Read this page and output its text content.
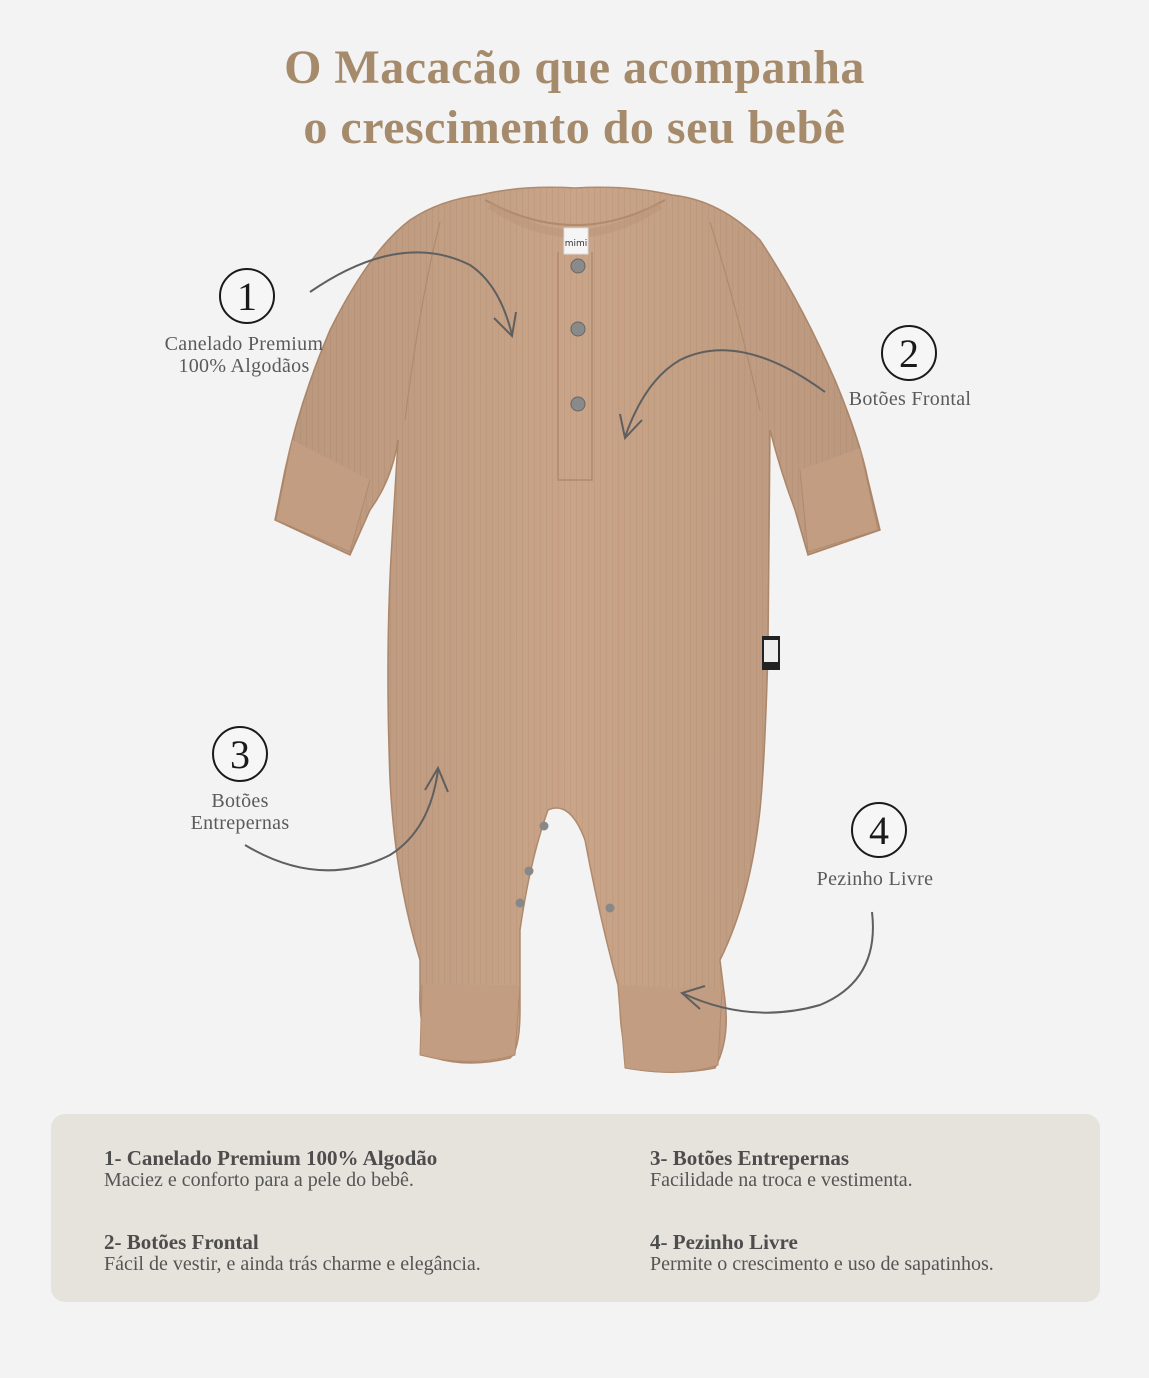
O Macacão que acompanha
o crescimento do seu bebê
mimi
1
Canelado Premium
100% Algodãos	2
Botões Frontal
3
Botões
Entrepernas	4
Pezinho Livre
1- Canelado Premium 100% Algodão
Maciez e conforto para a pele do bebê.
2- Botões Frontal
Fácil de vestir, e ainda trás charme e elegância.
3- Botões Entrepernas
Facilidade na troca e vestimenta.
4- Pezinho Livre
Permite o crescimento e uso de sapatinhos.
